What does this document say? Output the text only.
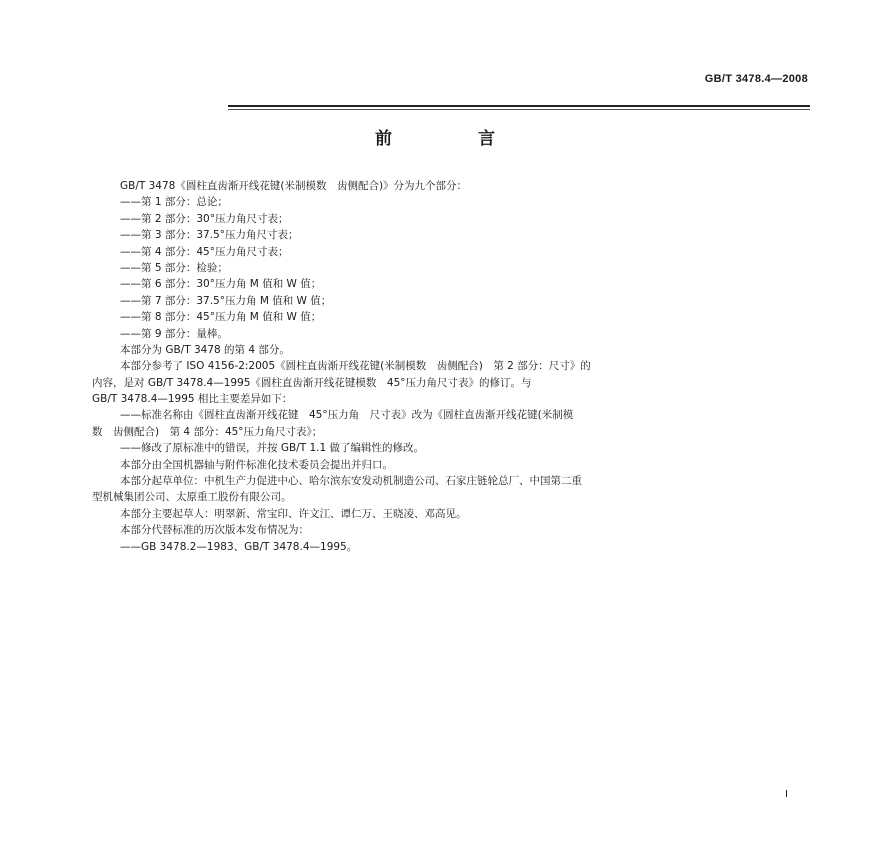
GB/T 3478.4—2008
前 言
GB/T 3478《圆柱直齿渐开线花键(米制模数　齿侧配合)》分为九个部分：
——第 1 部分：总论；
——第 2 部分：30°压力角尺寸表；
——第 3 部分：37.5°压力角尺寸表；
——第 4 部分：45°压力角尺寸表；
——第 5 部分：检验；
——第 6 部分：30°压力角 M 值和 W 值；
——第 7 部分：37.5°压力角 M 值和 W 值；
——第 8 部分：45°压力角 M 值和 W 值；
——第 9 部分：量棒。
本部分为 GB/T 3478 的第 4 部分。
本部分参考了 ISO 4156-2:2005《圆柱直齿渐开线花键(米制模数　齿侧配合)　第 2 部分：尺寸》的
内容，是对 GB/T 3478.4—1995《圆柱直齿渐开线花键模数　45°压力角尺寸表》的修订。与
GB/T 3478.4—1995 相比主要差异如下：
——标准名称由《圆柱直齿渐开线花键　45°压力角　尺寸表》改为《圆柱直齿渐开线花键(米制模
数　齿侧配合)　第 4 部分：45°压力角尺寸表》；
——修改了原标准中的错误，并按 GB/T 1.1 做了编辑性的修改。
本部分由全国机器轴与附件标准化技术委员会提出并归口。
本部分起草单位：中机生产力促进中心、哈尔滨东安发动机制造公司、石家庄链轮总厂、中国第二重
型机械集团公司、太原重工股份有限公司。
本部分主要起草人：明翠新、常宝印、许文江、谭仁万、王晓凌、邓高见。
本部分代替标准的历次版本发布情况为：
——GB 3478.2—1983、GB/T 3478.4—1995。
I
